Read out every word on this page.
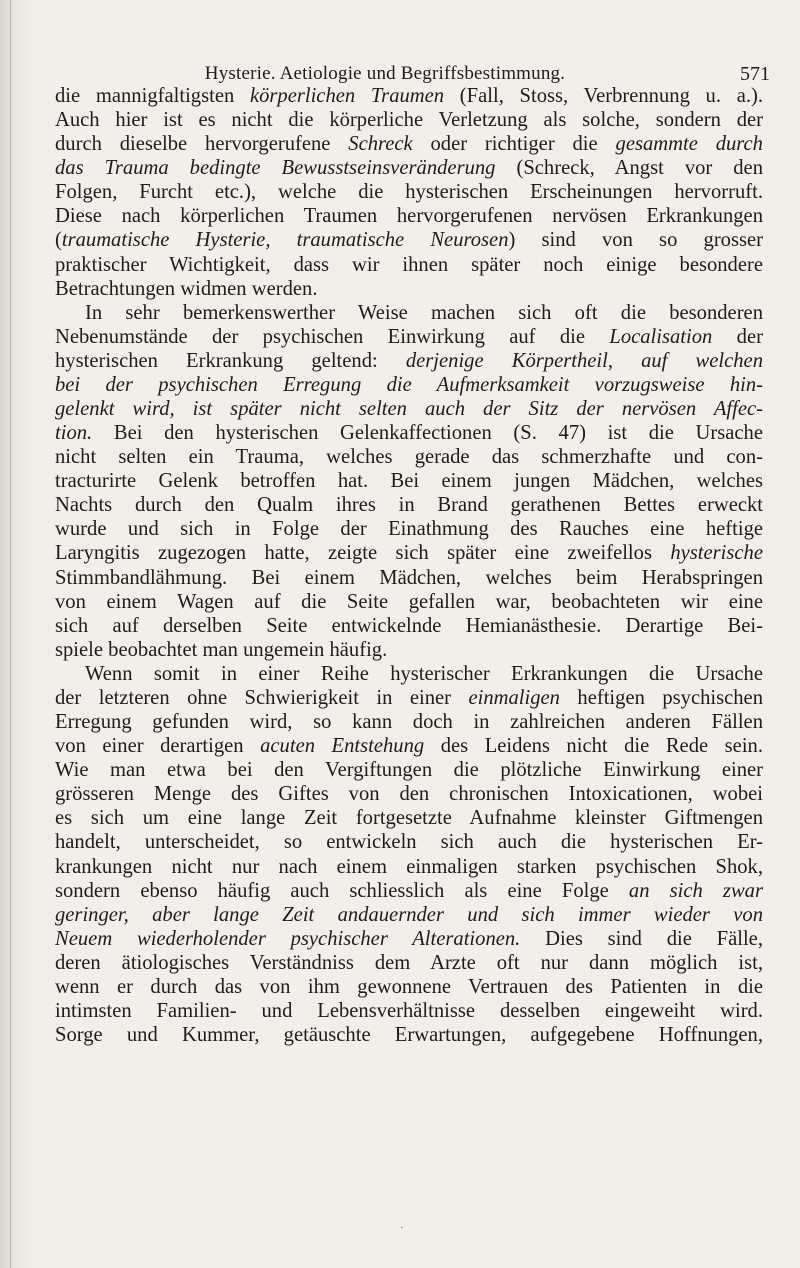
Hysterie. Aetiologie und Begriffsbestimmung.	571
die mannigfaltigsten körperlichen Traumen (Fall, Stoss, Verbrennung u. a.).
Auch hier ist es nicht die körperliche Verletzung als solche, sondern der
durch dieselbe hervorgerufene Schreck oder richtiger die gesammte durch
das Trauma bedingte Bewusstseinsveränderung (Schreck, Angst vor den
Folgen, Furcht etc.), welche die hysterischen Erscheinungen hervorruft.
Diese nach körperlichen Traumen hervorgerufenen nervösen Erkrankungen
(traumatische Hysterie, traumatische Neurosen) sind von so grosser
praktischer Wichtigkeit, dass wir ihnen später noch einige besondere
Betrachtungen widmen werden.
In sehr bemerkenswerther Weise machen sich oft die besonderen
Nebenumstände der psychischen Einwirkung auf die Localisation der
hysterischen Erkrankung geltend: derjenige Körpertheil, auf welchen
bei der psychischen Erregung die Aufmerksamkeit vorzugsweise hin-
gelenkt wird, ist später nicht selten auch der Sitz der nervösen Affec-
tion. Bei den hysterischen Gelenkaffectionen (S. 47) ist die Ursache
nicht selten ein Trauma, welches gerade das schmerzhafte und con-
tracturirte Gelenk betroffen hat. Bei einem jungen Mädchen, welches
Nachts durch den Qualm ihres in Brand gerathenen Bettes erweckt
wurde und sich in Folge der Einathmung des Rauches eine heftige
Laryngitis zugezogen hatte, zeigte sich später eine zweifellos hysterische
Stimmbandlähmung. Bei einem Mädchen, welches beim Herabspringen
von einem Wagen auf die Seite gefallen war, beobachteten wir eine
sich auf derselben Seite entwickelnde Hemianästhesie. Derartige Bei-
spiele beobachtet man ungemein häufig.
Wenn somit in einer Reihe hysterischer Erkrankungen die Ursache
der letzteren ohne Schwierigkeit in einer einmaligen heftigen psychischen
Erregung gefunden wird, so kann doch in zahlreichen anderen Fällen
von einer derartigen acuten Entstehung des Leidens nicht die Rede sein.
Wie man etwa bei den Vergiftungen die plötzliche Einwirkung einer
grösseren Menge des Giftes von den chronischen Intoxicationen, wobei
es sich um eine lange Zeit fortgesetzte Aufnahme kleinster Giftmengen
handelt, unterscheidet, so entwickeln sich auch die hysterischen Er-
krankungen nicht nur nach einem einmaligen starken psychischen Shok,
sondern ebenso häufig auch schliesslich als eine Folge an sich zwar
geringer, aber lange Zeit andauernder und sich immer wieder von
Neuem wiederholender psychischer Alterationen. Dies sind die Fälle,
deren ätiologisches Verständniss dem Arzte oft nur dann möglich ist,
wenn er durch das von ihm gewonnene Vertrauen des Patienten in die
intimsten Familien- und Lebensverhältnisse desselben eingeweiht wird.
Sorge und Kummer, getäuschte Erwartungen, aufgegebene Hoffnungen,
·
